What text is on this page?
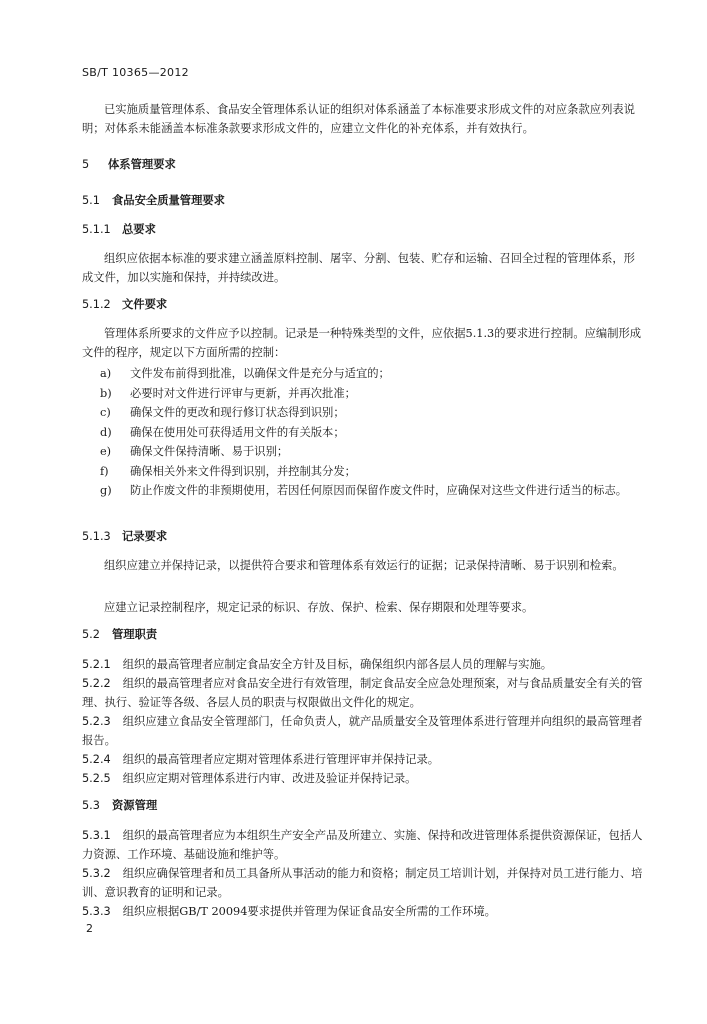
SB/T 10365—2012
已实施质量管理体系、食品安全管理体系认证的组织对体系涵盖了本标准要求形成文件的对应条款应列表说明；对体系未能涵盖本标准条款要求形成文件的，应建立文件化的补充体系，并有效执行。
5 体系管理要求
5.1 食品安全质量管理要求
5.1.1 总要求
组织应依据本标准的要求建立涵盖原料控制、屠宰、分割、包装、贮存和运输、召回全过程的管理体系，形成文件，加以实施和保持，并持续改进。
5.1.2 文件要求
管理体系所要求的文件应予以控制。记录是一种特殊类型的文件，应依据5.1.3的要求进行控制。应编制形成文件的程序，规定以下方面所需的控制：
a)	文件发布前得到批准，以确保文件是充分与适宜的；
b)	必要时对文件进行评审与更新，并再次批准；
c)	确保文件的更改和现行修订状态得到识别；
d)	确保在使用处可获得适用文件的有关版本；
e)	确保文件保持清晰、易于识别；
f)	确保相关外来文件得到识别，并控制其分发；
g)	防止作废文件的非预期使用，若因任何原因而保留作废文件时，应确保对这些文件进行适当的标志。
5.1.3 记录要求
组织应建立并保持记录，以提供符合要求和管理体系有效运行的证据；记录保持清晰、易于识别和检索。
应建立记录控制程序，规定记录的标识、存放、保护、检索、保存期限和处理等要求。
5.2 管理职责
5.2.1 组织的最高管理者应制定食品安全方针及目标，确保组织内部各层人员的理解与实施。
5.2.2 组织的最高管理者应对食品安全进行有效管理，制定食品安全应急处理预案，对与食品质量安全有关的管理、执行、验证等各级、各层人员的职责与权限做出文件化的规定。
5.2.3 组织应建立食品安全管理部门，任命负责人，就产品质量安全及管理体系进行管理并向组织的最高管理者报告。
5.2.4 组织的最高管理者应定期对管理体系进行管理评审并保持记录。
5.2.5 组织应定期对管理体系进行内审、改进及验证并保持记录。
5.3 资源管理
5.3.1 组织的最高管理者应为本组织生产安全产品及所建立、实施、保持和改进管理体系提供资源保证，包括人力资源、工作环境、基础设施和维护等。
5.3.2 组织应确保管理者和员工具备所从事活动的能力和资格；制定员工培训计划，并保持对员工进行能力、培训、意识教育的证明和记录。
5.3.3 组织应根据GB/T 20094要求提供并管理为保证食品安全所需的工作环境。
2
